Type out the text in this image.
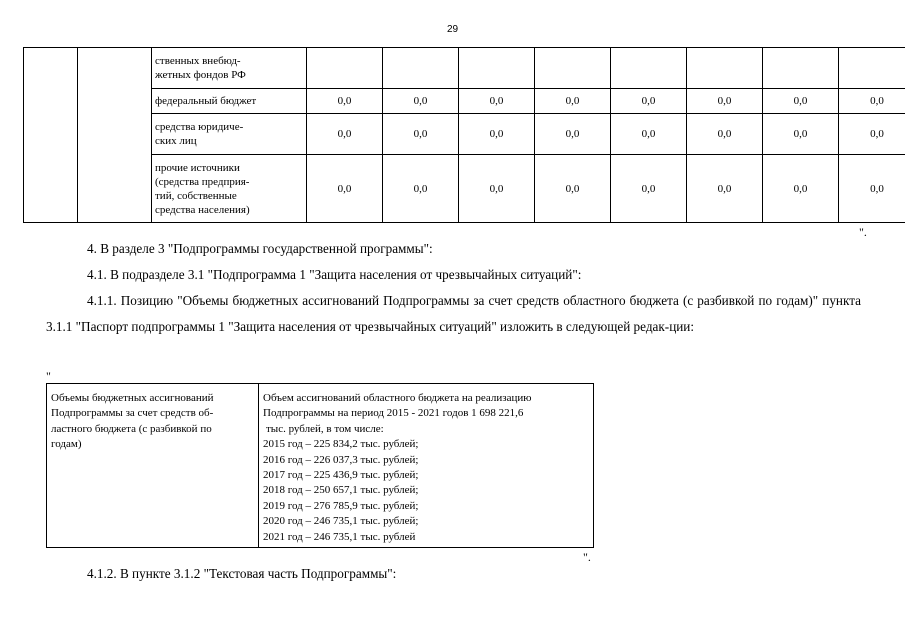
29

		ственных внебюд-
жетных фондов РФ								

		федеральный бюджет	0,0	0,0	0,0	0,0	0,0	0,0	0,0	0,0

		средства юридиче-
ских лиц	0,0	0,0	0,0	0,0	0,0	0,0	0,0	0,0

		прочие источники
(средства предприя-
тий, собственные
средства населения)	0,0	0,0	0,0	0,0	0,0	0,0	0,0	0,0
".
4. В разделе 3 "Подпрограммы государственной программы":
4.1. В подразделе 3.1 "Подпрограмма 1 "Защита населения от чрезвычайных ситуаций":
4.1.1. Позицию "Объемы бюджетных ассигнований Подпрограммы за счет средств областного бюджета (с разбивкой по годам)" пункта 3.1.1 "Паспорт подпрограммы 1 "Защита населения от чрезвычайных ситуаций" изложить в следующей редак-ции:
"
Объемы бюджетных ассигнований
Подпрограммы за счет средств об-
ластного бюджета (с разбивкой по
годам)

Объем ассигнований областного бюджета на реализацию
Подпрограммы на период 2015 - 2021 годов 1 698 221,6
тыс. рублей, в том числе:
2015 год – 225 834,2 тыс. рублей;
2016 год – 226 037,3 тыс. рублей;
2017 год – 225 436,9 тыс. рублей;
2018 год – 250 657,1 тыс. рублей;
2019 год – 276 785,9 тыс. рублей;
2020 год – 246 735,1 тыс. рублей;
2021 год – 246 735,1 тыс. рублей
".
4.1.2. В пункте 3.1.2 "Текстовая часть Подпрограммы":
